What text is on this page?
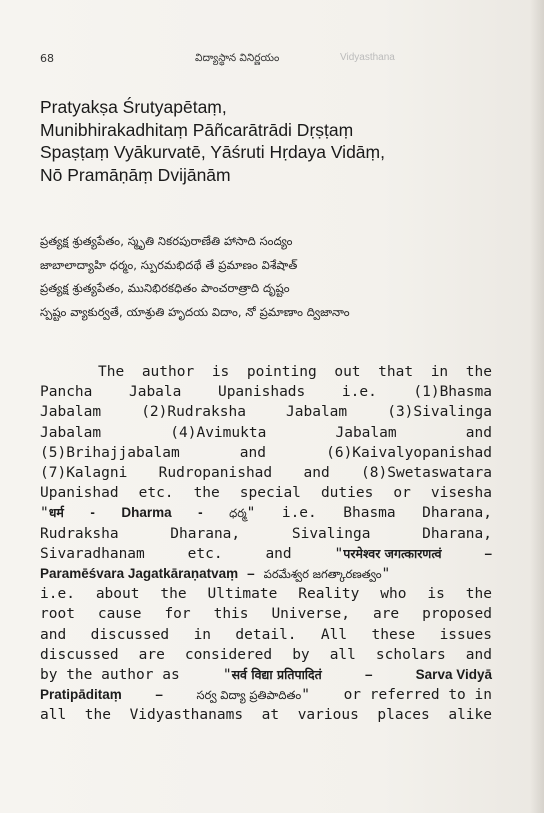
68	విద్యాస్థాన వినిర్ణయం	Vidyasthana
Pratyakṣa Śrutyapētaṃ,
Munibhirakadhitaṃ Pāñcarātrādi Dṛṣṭaṃ
Spaṣṭaṃ Vyākurvatē, Yāśruti Hṛdaya Vidāṃ,
Nō Pramāṇāṃ Dvijānām
ప్రత్యక్ష శ్రుత్యపేతం, స్మృతి నికరపురాణేతి హాసాది సంద్యం
జాబాలాద్యాహి ధర్మం, స్పురమభిదథే తే ప్రమాణం విశేషాత్
ప్రత్యక్ష శ్రుత్యపేతం, మునిభిరకధితం పాంచరాత్రాది దృష్టం
స్పష్టం వ్యాకుర్వతే, యాశ్రుతి హృదయ విదాం, నో ప్రమాణాం ద్విజానాం
The author is pointing out that in the
Pancha	Jabala	Upanishads	i.e.	(1)Bhasma
Jabalam	(2)Rudraksha	Jabalam	(3)Sivalinga
Jabalam	(4)Avimukta	Jabalam	and
(5)Brihajjabalam	and	(6)Kaivalyopanishad
(7)Kalagni Rudropanishad and (8)Swetaswatara
Upanishad etc. the special duties or visesha
"धर्म - Dharma - ధర్మ" i.e. Bhasma Dharana,
Rudraksha	Dharana,	Sivalinga	Dharana,
Sivaradhanam	etc.	and	"परमेश्वर जगत्कारणत्वं	–
Paramēśvara Jagatkāraṇatvaṃ – పరమేశ్వర జగత్కారణత్వం"
i.e. about the Ultimate Reality who is the
root cause for this Universe, are proposed
and discussed in detail. All these issues
discussed are considered by all scholars and
by the author as	"सर्व विद्या प्रतिपादितं	–	Sarva Vidyā
Pratipāditaṃ –	సర్వ విద్యా ప్రతిపాదితం" or referred to in
all the Vidyasthanams at various places alike
